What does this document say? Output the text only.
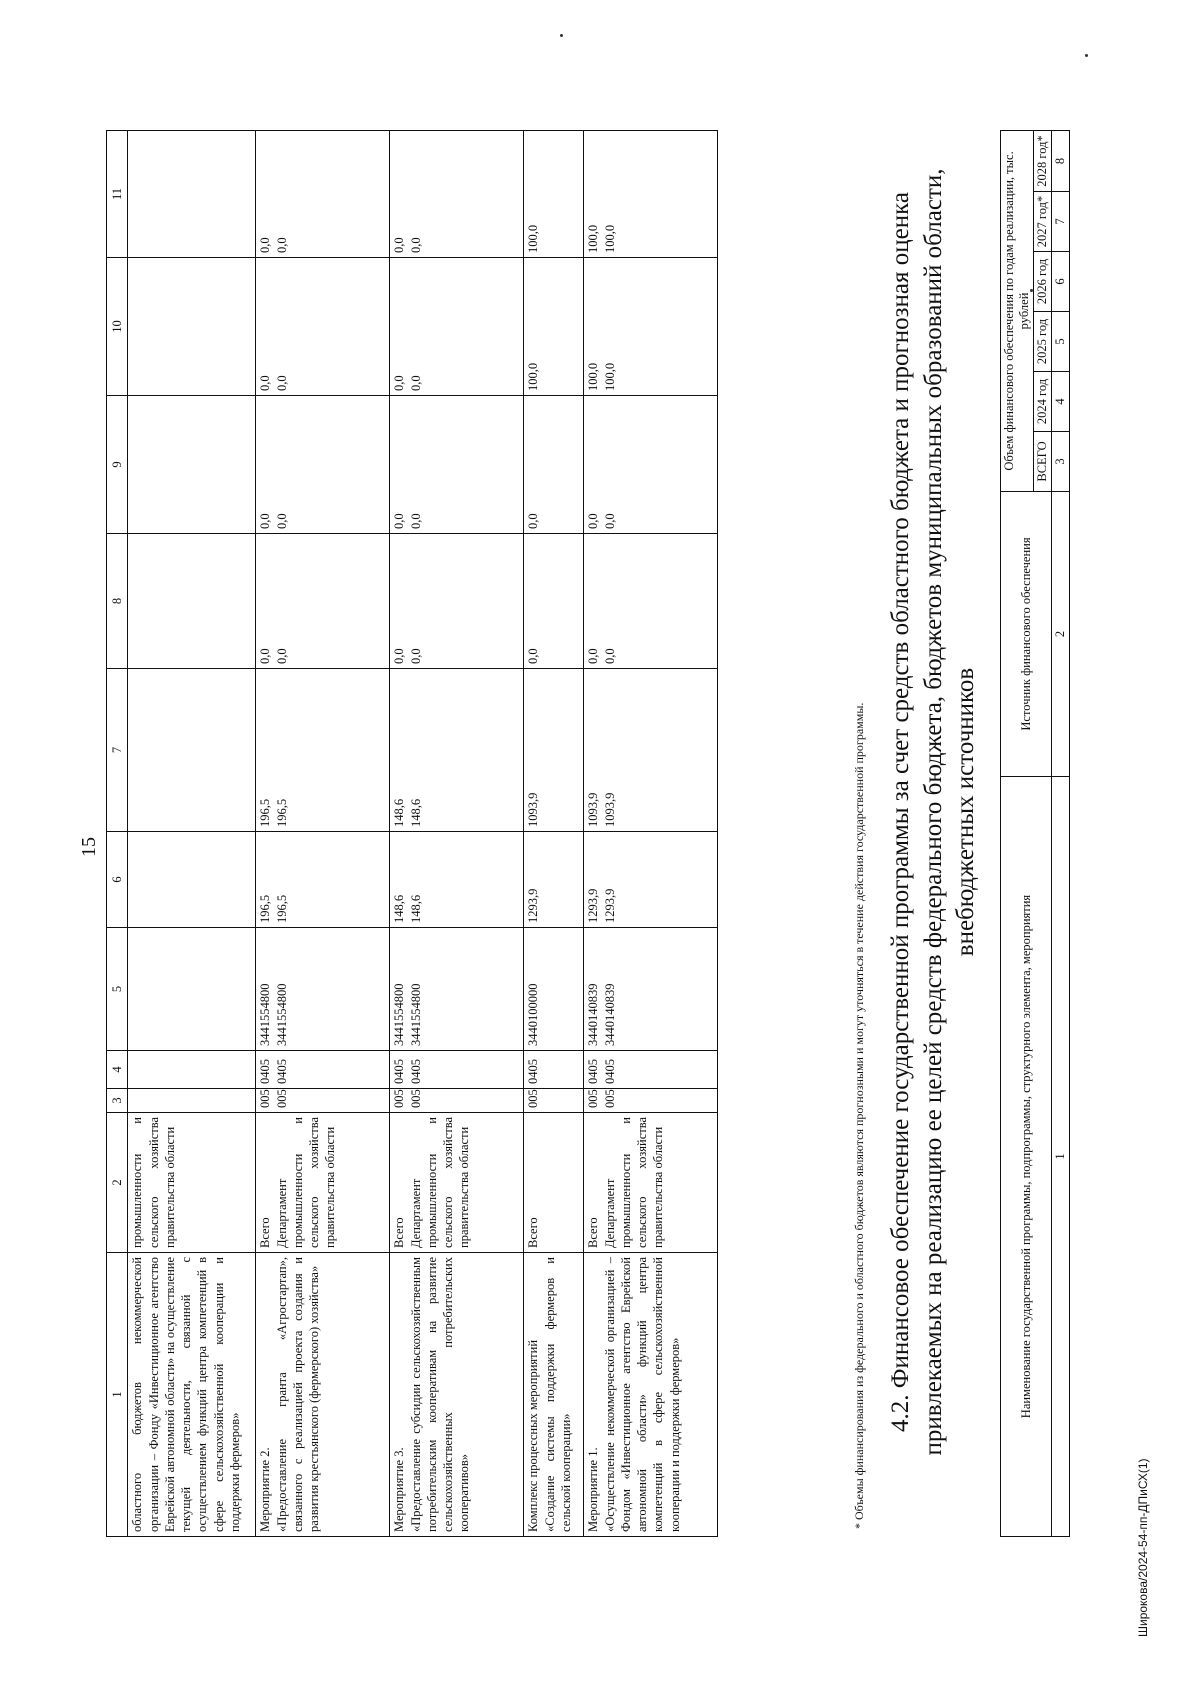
15
1	2	3	4	5	6	7	8	9	10	11
областного бюджетов некоммерческой организации – Фонду «Инвестиционное агентство Еврейской автономной области» на осуществление текущей деятельности, связанной с осуществлением функций центра компетенций в сфере сельскохозяйственной кооперации и поддержки фермеров»	промышленности и сельского хозяйства правительства области									

Мероприятие 2. «Предоставление гранта «Агростартап», связанного с реализацией проекта создания и развития крестьянского (фермерского) хозяйства»	Всего Департамент промышленности и сельского хозяйства правительства области	005 005	0405 0405	3441554800 3441554800	196,5 196,5	196,5 196,5	0,0 0,0	0,0 0,0	0,0 0,0	0,0 0,0

Мероприятие 3. «Предоставление субсидии сельскохозяйственным потребительским кооперативам на развитие сельскохозяйственных потребительских кооперативов»	Всего Департамент промышленности и сельского хозяйства правительства области	005 005	0405 0405	3441554800 3441554800	148,6 148,6	148,6 148,6	0,0 0,0	0,0 0,0	0,0 0,0	0,0 0,0

Комплекс процессных мероприятий «Создание системы поддержки фермеров и сельской кооперации»	Всего	005	0405	3440100000	1293,9	1093,9	0,0	0,0	100,0	100,0

Мероприятие 1. «Осуществление некоммерческой организацией – Фондом «Инвестиционное агентство Еврейской автономной области» функций центра компетенций в сфере сельскохозяйственной кооперации и поддержки фермеров»	Всего Департамент промышленности и сельского хозяйства правительства области	005 005	0405 0405	3440140839 3440140839	1293,9 1293,9	1093,9 1093,9	0,0 0,0	0,0 0,0	100,0 100,0	100,0 100,0
* Объемы финансирования из федерального и областного бюджетов являются прогнозными и могут уточняться в течение действия государственной программы. 4.2. Финансовое обеспечение государственной программы за счет средств областного бюджета и прогнозная оценка привлекаемых на реализацию ее целей средств федерального бюджета, бюджетов муниципальных образований области, внебюджетных источников
Наименование государственной программы, подпрограммы, структурного элемента, мероприятия	Источник финансового обеспечения	Объем финансового обеспечения по годам реализации, тыс. рублей					
		ВСЕГО	2024 год	2025 год	2026 год	2027 год*	2028 год*
1	2	3	4	5	6	7	8
Широкова/2024-54-пп-ДПиСХ(1)
